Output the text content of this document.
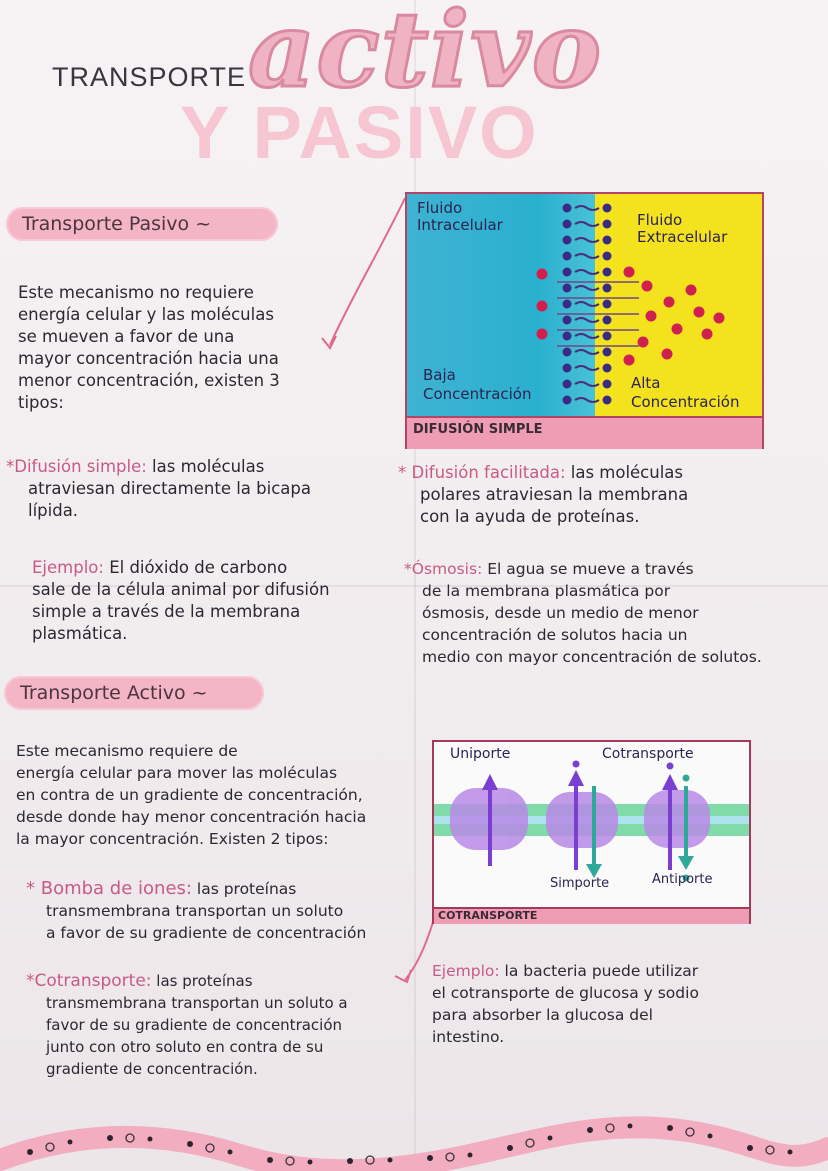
TRANSPORTE activo
Y PASIVO
Transporte Pasivo ~
Este mecanismo no requiere
energía celular y las moléculas
se mueven a favor de una
mayor concentración hacia una
menor concentración, existen 3
tipos:
*Difusión simple: las moléculas
atraviesan directamente la bicapa
lípida.
Ejemplo: El dióxido de carbono
sale de la célula animal por difusión
simple a través de la membrana
plasmática.
Fluido
Intracelular	Fluido
Extracelular
Baja
Concentración
Alta
Concentración
DIFUSIÓN SIMPLE
* Difusión facilitada: las moléculas
polares atraviesan la membrana
con la ayuda de proteínas.
*Ósmosis: El agua se mueve a través
de la membrana plasmática por
ósmosis, desde un medio de menor
concentración de solutos hacia un
medio con mayor concentración de solutos.
Transporte Activo ~
Este mecanismo requiere de
energía celular para mover las moléculas
en contra de un gradiente de concentración,
desde donde hay menor concentración hacia
la mayor concentración. Existen 2 tipos:
* Bomba de iones: las proteínas
transmembrana transportan un soluto
a favor de su gradiente de concentración
*Cotransporte: las proteínas
transmembrana transportan un soluto a
favor de su gradiente de concentración
junto con otro soluto en contra de su
gradiente de concentración.
Uniporte	Cotransporte
Simporte	Antiporte
COTRANSPORTE
Ejemplo: la bacteria puede utilizar
el cotransporte de glucosa y sodio
para absorber la glucosa del
intestino.
